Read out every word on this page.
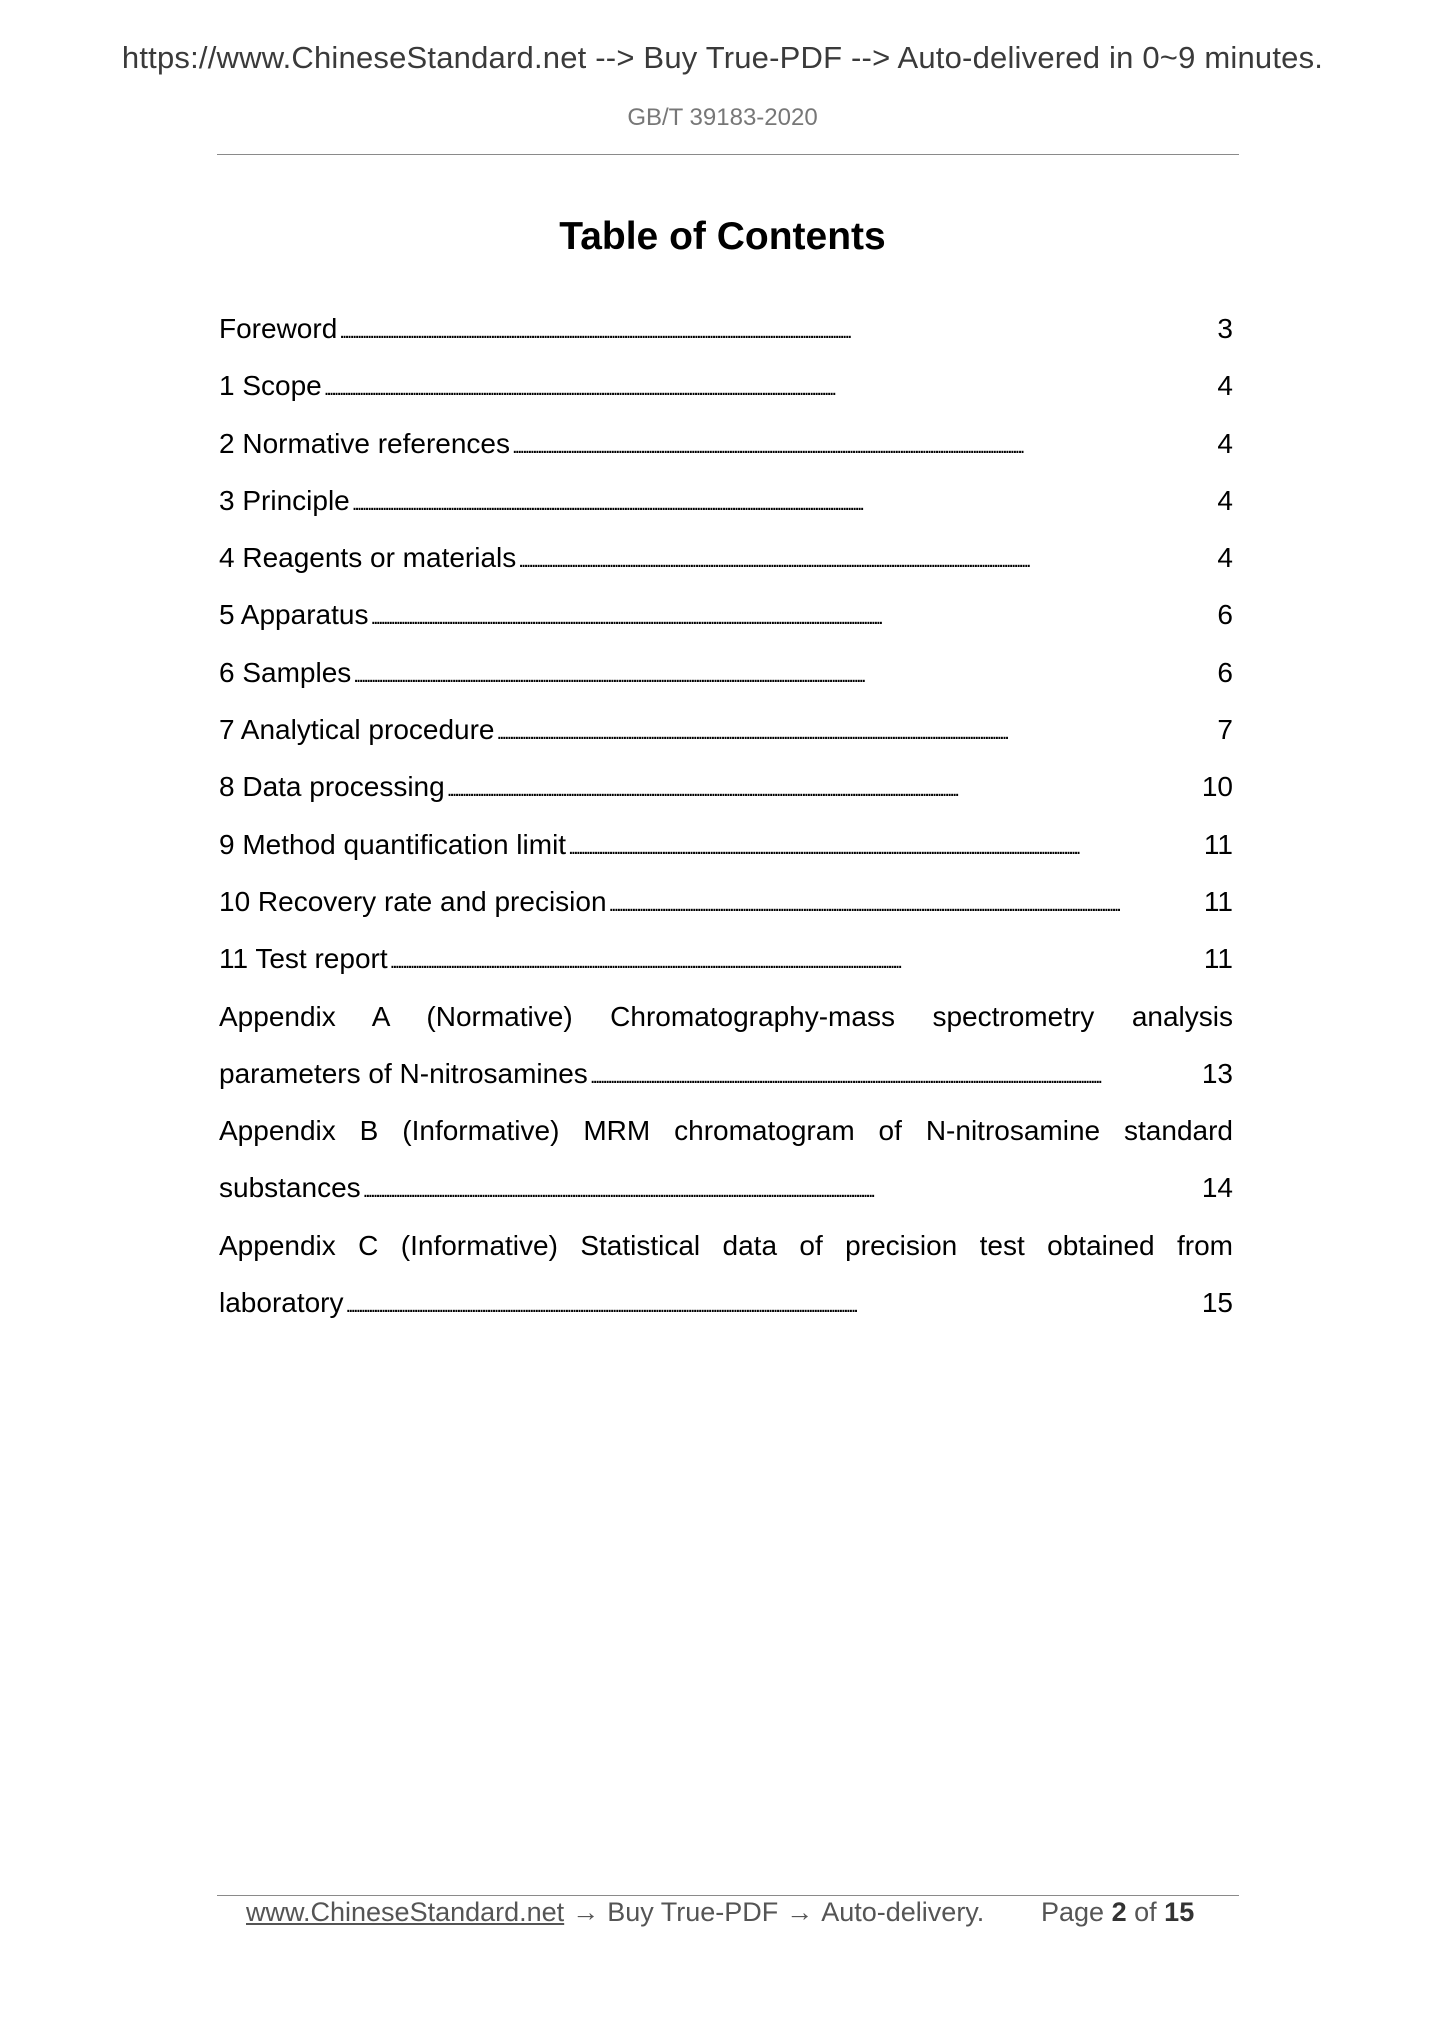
https://www.ChineseStandard.net --> Buy True-PDF --> Auto-delivered in 0~9 minutes.
GB/T 39183-2020
Table of Contents
Foreword . . .	3
1 Scope . . .	4
2 Normative references . . .	4
3 Principle . . .	4
4 Reagents or materials . . .	4
5 Apparatus . . .	6
6 Samples . . .	6
7 Analytical procedure . . .	7
8 Data processing . . .	10
9 Method quantification limit . . .	11
10 Recovery rate and precision . . .	11
11 Test report . . .	11
Appendix A (Normative) Chromatography-mass spectrometry analysis
parameters of N-nitrosamines . . .	13
Appendix B (Informative) MRM chromatogram of N-nitrosamine standard
substances . . .	14
Appendix C (Informative) Statistical data of precision test obtained from
laboratory . . .	15
www.ChineseStandard.net → Buy True-PDF → Auto-delivery. Page 2 of 15
